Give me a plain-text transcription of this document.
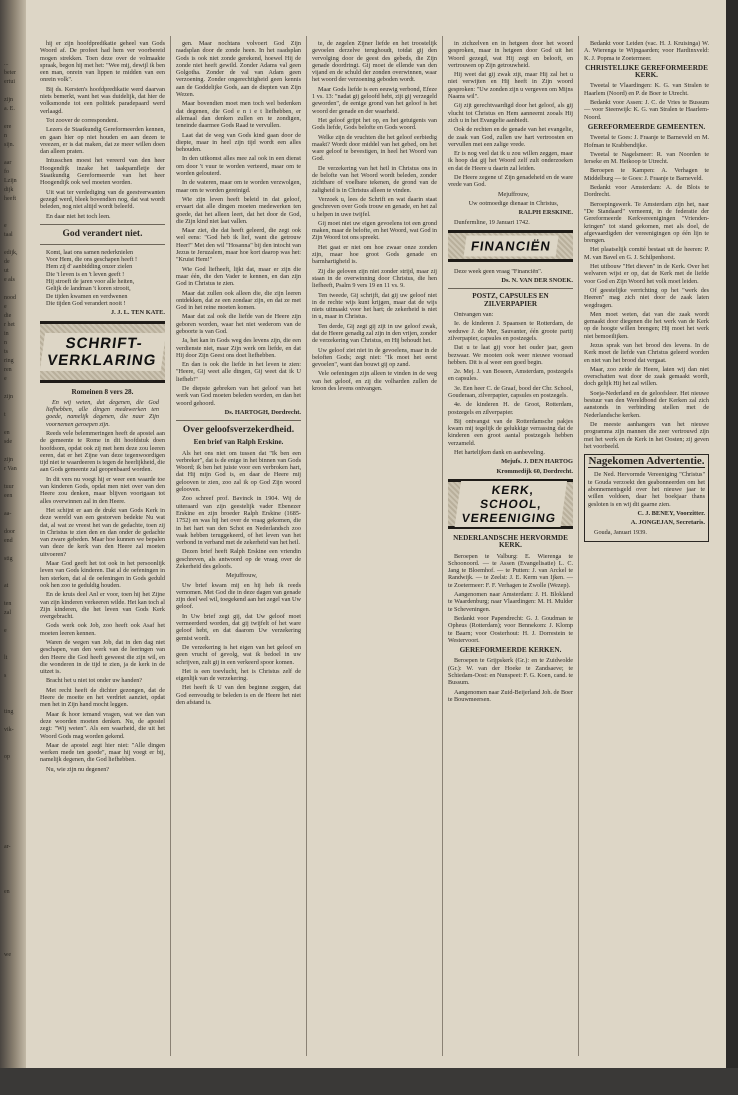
...
beter
ertui

zijn
a. E.

ere
n
sijn.

aar
fo
Lzijn
dijk
heeft

e
taal

edijk,
de
ut
e als

nood
e
die
r het
in
n
ts
ring
ren
e

zijn

t

en
sde

zijn
r Van

tuur
een

aa-

door
end

stig

at

ten
zal

e

lt

s

ting

vik-

op

ar-

en

we

hij er zijn hoofdpredikatie geheel van Gods Woord af. De profeet had hem ver voorbereid mogen strekken. Toen deze over de volmaakte spraak, begon hij met het: "Wee mij, dewijl ik ben een man, onrein van lippen te midden van een onrein volk".

Bij ds. Kersten's hoofdpredikatie werd daarvan niets bemerkt, want het was duidelijk, dat hier de volksmonde tot een politiek paradepaard werd verlaagd.

Tot zoover de correspondent.

Lezers de Staatkundig Gereformeerden kennen, en gaan hier op niet houden en aan dezen te vreezen, er is dat maken, dat ze meer willen doen dan alleen praten.

Intusschen moest het vereerd van den heer Hoogendijk inzake het taakpamfletje der Staatkundig Gereformeerde van het heer Hoogendijk ook wel moeten worden.

Uit wat ter verdediging van de geestverwanten gezegd werd, bleek bovendien nog, dat wat wordt beleden, nog niet altijd wordt beleefd.

En daar niet het toch leen.

God verandert niet.
Komt, laat ons samen nederknielen
Voor Hem, die ons geschapen heeft !
Hem zij d' aanbidding onzer zielen
Die 't leven is en 't leven geeft !
Hij stroeft de jaren voor alle heiten,
Gelijk de landman 't koren strooit,
De tijden kwamen en verdwenen
Die tijden God verandert nooit !
J. J. L. TEN KATE.
SCHRIFT-
VERKLARING
Romeinen 8 vers 28.

En wij weten, dat degenen, die God liefhebben, alle dingen medewerken ten goede, namelijk degenen, die naar Zijn voornemen geroepen zijn.

Reeds vele belemmeringen heeft de apostel aan de gemeente te Rome in dit hoofdstuk doen hoofdsom, opdat ook zij met hem deze zou leeren eeren, dat er het Zijne van deze tegenwoordigen tijd niet te waardeeren is tegen de heerlijkheid, die aan Gods gemeente zal geopenbaard worden.

In dit vers nu voegt hij er weer een waarde toe van kinderen Gods, opdat men niet over van den Heere zou denken, maar blijven voortgaan tot alles overwinnen zal in den Heere.

Het schijnt er aan de drukt van Gods Kerk in deze wereld van een gestorven bedekte Nu wat dat, al wat ze vreest het van de gedachte, toen zij in Christus te zien den en dan onder de gedachte van zware gebeden. Maar hoe kunnen we bepalen van deze de kerk van den Heere zal moeten uitvoeren?

Maar God geeft het tot ook in het persoonlijk leven van Gods kinderen. Dat al de oefeningen in hen sterken, dat al de oefeningen in Gods geduld ook hen zoo te geduldig houden.

En de kruis deel Anl er voor, toen hij het Zijne van zijn kinderen verkeeren wilde. Het kan toch al Zijn kinderen, die het leven van Gods Kerk overgebracht.

Gods werk ook Job, zoo heeft ook Asaf het moeten leeren kennen.

Waren de wegen van Job, dat in den dag niet geschapen, van den werk van de leeringen van den Heere die God heeft geweest die zijn wil, en die wonderen in de tijd te zien, ja de kerk in de uitzet is.

Bracht het u niet tot onder uw handen?

Met recht heeft de dichter gezongen, dat de Heere de moeite en het verdriet aanziet, opdat men het in Zijn hand mocht leggen.

Maar ik hoor iemand vragen, wat we dan van deze woorden moeten denken. Nu, de apostel zegt: "Wij weten". Als een waarheid, die uit het Woord Gods mag worden gekend.

Maar de apostel zegt hier niet: "Alle dingen werken mede ten goede", maar hij voegt er bij, namelijk degenen, die God liefhebben.

Nu, wie zijn nu degenen?

gen. Maar nochtans volvoert God Zijn raadsplan door de zonde heen. In het raadsplan Gods is ook niet zonde gerekend, hoewel Hij de zonde niet heeft gewild. Zonder Adams val geen Golgotha. Zonder de val van Adam geen verzoening. Zonder ongerechtigheid geen kennis aan de Goddelijke Gods, aan de diepten van Zijn Wezen.

Maar bovendien moet men toch wel bedenken dat degenen, die God e n i e t liefhebben, er allemaal dan denken zullen en te zondigen, teneinde daarmee Gods Raad te vervullen.

Laat dat de weg van Gods kind gaan door de diepte, maar in heel zijn tijd wordt een alles behouden.

In den uitkomst alles mee zal ook in een dienst om door 't vuur te worden verteerd, maar om te worden gelouterd.

In de wateren, maar om te worden verzwolgen, maar om te worden gereinigd.

Wie zijn leven heeft beleid in dat geloof, ervaart dat alle dingen moeten medewerken ten goede, dat het alleen leert, dat het door de God, die Zijn kind niet laat vallen.

Maar ziet, die dat heeft geleerd, die zegt ook wel eens: "God heb ik lief, want die getrouw Heer!" Met den wil "Hosanna" bij den intocht van Jezus te Jeruzalem, maar hoe kort daarop was het: "Kruist Hem!"

Wie God liefheeft, lijkt dat, maar er zijn die maar één, die den Vader te kennen, en dan zijn God in Christus te zien.

Maar dat zullen ook alleen die, die zijn leeren ontdekken, dat ze een zondaar zijn, en dat ze met God in het reine moeten komen.

Maar dat zal ook die liefde van de Heere zijn geboren worden, waar het niet wederom van de geboorte is van God.

Ja, het kan in Gods weg des levens zijn, die een verdienste niet, maar Zijn werk om liefde, en dat Hij door Zijn Geest ons doet liefhebben.

En dan is ook die liefde in het leven te zien: "Heere, Gij weet alle dingen, Gij weet dat ik U liefheb!"

De diepste gebreken van het geloof van het werk van God moeten beleden worden, en dan het woord gehoord.

Ds. HARTOGH, Dordrecht.
Over geloofsverzekerdheid.
Een brief van Ralph Erskine.

Als het ons niet om tussen dat "Ik ben een verbreker", dat is de enige in het binnen van Gods Woord; ik ben het juiste voor een verbroken hart, dat Hij mijn God is, en daar de Heere mij gelooven te zien, zoo zal ik op God Zijn woord gelooven.

Zoo schreef prof. Bavinck in 1904. Wij de uiteraard van zijn geestelijk vader Ebenezer Erskine en zijn broeder Ralph Erskine (1685-1752) en was hij het over de vraag gekomen, die in het hart van den Schot en Nederlandsch zoo vaak hebben teruggekeerd, of het leven van het verbond in verband met de zekerheid van het heil.

Dezen brief heeft Ralph Erskine een vriendin geschreven, als antwoord op de vraag over de Zekerheid des geloofs.

Mejuffrouw,

Uw brief kwam mij en hij heb ik reeds vernomen. Met God die in deze dagen van genade zijn deel wel wil, toegekend aan het zegel van Uw geloof.

In Uw brief zegt gij, dat Uw geloof moet vermeerderd worden, dat gij twijfelt of het ware geloof hebt, en dat daarom Uw verzekering gemist wordt.

De verzekering is het eigen van het geloof en geen vrucht of gevolg, wat ik bedoel in uw schrijven, zult gij in een verkeerd spoor komen.

Het is een toevlucht, het is Christus zelf de eigenlijk van de verzekering.

Het heeft ik U van den beginne zeggen, dat God eenvoudig te beleden is en de Heere het niet den afstand is.

te, de zegelen Zijner liefde en het troostelijk gevoelen derzelve terughoudt, totdat gij den vervolging door de geest des gebeds, die Zijn genade doordringt. Gij moet de ellende van den vijand en de schuld der zonden overwinnen, waar het woord der verzoening geboden wordt.

Maar Gods liefde is een eeuwig verbond, Efeze 1 vs. 13: "nadat gij geloofd hebt, zijt gij verzegeld geworden", de eenige grond van het geloof is het woord der genade en der waarheid.

Het geloof grijpt het op, en het getuigenis van Gods liefde, Gods belofte en Gods woord.

Welke zijn de vruchten die het geloof eerbiedig maakt? Wordt door middel van het gebed, om het ware geloof te bevestigen, in heel het Woord van God.

De verzekering van het heil in Christus ons in de belofte van het Woord wordt beleden, zonder zichtbare of voelbare tekenen, de grond van de zaligheid is in Christus alleen te vinden.

Verzoek u, lees de Schrift en wat daarin staat geschreven over Gods trouw en genade, en het zal u helpen in uwe twijfel.

Gij moet niet uw eigen gevoelens tot een grond maken, maar de belofte, en het Woord, wat God in Zijn Woord tot ons spreekt.

Het gaat er niet om hoe zwaar onze zonden zijn, maar hoe groot Gods genade en barmhartigheid is.

Zij die geloven zijn niet zonder strijd, maar zij staan in de overwinning door Christus, die hen liefheeft, Psalm 9 vers 19 en 11 vs. 9.

Ten tweede, Gij schrijft, dat gij uw geloof niet in de rechte wijs kunt krijgen, maar dat de wijs niets uitmaakt voor het hart; de zekerheid is niet in u, maar in Christus.

Ten derde, Gij zegt gij zijt in uw geloof zwak, dat de Heere genadig zal zijn in den vrijen, zonder de verzekering van Christus, en Hij behoudt het.

Uw geloof ziet niet in de gevoelens, maar in de beloften Gods; zegt niet: "Ik moet het eerst gevoelen", want dan bouwt gij op zand.

Vele oefeningen zijn alleen te vinden in de weg van het geloof, en zij die volharden zullen de kroon des levens ontvangen.

in zichzelven en in hetgeen door het woord gesproken, maar in hetgeen door God uit het Woord gezegd, wat Hij zegt en belooft, en vertrouwen op Zijn getrouwheid.

Hij weet dat gij zwak zijt, maar Hij zal het u niet verwijten en Hij heeft in Zijn woord gesproken: "Uw zonden zijn u vergeven om Mijns Naams wil".

Gij zijt gerechtvaardigd door het geloof, als gij vlucht tot Christus en Hem aanneemt zooals Hij zich u in het Evangelie aanbiedt.

Ook de rechten en de genade van het evangelie, de zaak van God, zullen uw hart vertroosten en vervullen met een zalige vrede.

Er is nog veel dat ik u zou willen zeggen, maar ik hoop dat gij het Woord zelf zult onderzoeken en dat de Heere u daarin zal leiden.

De Heere zegene u! Zijn genadeheid en de ware vrede van God.

Mejuffrouw,

Uw ootmoedige dienaar in Christus,

RALPH ERSKINE.

Dunfermline, 19 Januari 1742.

FINANCIËN

Deze week geen vraag "Financiën".

Ds. N. VAN DER SNOEK.
POSTZ, CAPSULES EN ZILVERPAPIER

Ontvangen van:

Ie. de kinderen J. Spaansen te Rotterdam, de weduwe J. de Mer, Sauvanter, één groote partij zilverpapier, capsules en postzegels.

Dat u te laat gij voor het ouder jaar, geen bezwaar. We mooten ook weer nieuwe vooraad hebben. Dit is al weer een goed begin.

2e. Mej. J. van Boseen, Amsterdam, postzegels en capsules.

3e. Een heer C. de Graaf, bood der Chr. School, Gouderaan, zilverpapier, capsules en postzegels.

4e. de kinderen H. de Groot, Rotterdam, postzegels en zilverpapier.

Bij ontvangst van de Rotterdamsche pakjes kwam mij tegelijk de gelukkige verrassing dat de kinderen een groot aantal postzegels hebben verzameld.

Het hartelijken dank en aanbeveling.

Mejufs. J. DEN HARTOG
Krommedijk 60, Dordrecht.
KERK, SCHOOL,
VEREENIGING
NEDERLANDSCHE HERVORMDE KERK.

Beroepen te Valburg: E. Wierenga te Schoonoord. — te Assen (Evangelisatie) L. C. Jang te Bloemhof. — te Putten: J. van Arckel te Randwijk. — te Zeelst: J. E. Kerm van Ijken. — te Zoetermeer: F. F. Verhagen te Zwolle (Wezep).

Aangenomen naar Amsterdam: J. H. Blokland te Waardenburg; naar Vlaardingen: M. H. Mulder te Scheveningen.

Bedankt voor Papendrecht: G. J. Goudman te Opheus (Rotterdam); voor Bennekom: J. Klomp te Baarn; voor Oosterhout: H. J. Dorrestein te Westervoort.

GEREFORMEERDE KERKEN.

Beroepen te Grijpskerk (Gr.): en te Zuidwolde (Gr.): W. van der Hoeke te Zandsaeve; te Schiedam-Oost: en Nunspeet: F. G. Koen, cand. te Bussum.

Aangenomen naar Zuid-Beijerland Joh. de Boer te Bouwmeersen.

Bedankt voor Leiden (vac. H. J. Kruisinga) W. A. Wierenga te Wijngaarden; voor Hardinxveld: K. J. Popma te Zoetermeer.

CHRISTELIJKE GEREFORMEERDE KERK.

Tweetal te Vlaardingen: K. G. van Stralen te Haarlem (Noord) en P. de Boer te Utrecht.

Bedankt voor Assen: J. C. de Vries te Bussum — voor Steenwijk: K. G. van Stralen te Haarlem-Noord.

GEREFORMEERDE GEMEENTEN.

Tweetal te Goes: J. Fraanje te Barneveld en M. Hofman te Krabbendijke.

Tweetal te Nagelsmeer: R. van Noorden te Ierseke en M. Heikoop te Utrecht.

Beroepen te Kampen: A. Verhagen te Middelburg — te Goes: J. Fraanje te Barneveld.

Bedankt voor Amsterdam: A. de Blois te Dordrecht.

Beroepingswerk. Te Amsterdam zijn het, naar "De Standaard" verneemt, in de federatie der Gereformeerde Kerkvereenigingen "Vrienden-kringen" tot stand gekomen, met als doel, de afgevaardigden der vereenigingen op één lijn te brengen.

Het plaatselijk comité bestaat uit de heeren: P. M. van Bavel en G. J. Schilpenhorst.

Het uitbouw "Het dieven" in de Kerk. Over het welvaren wijst er op, dat de Kerk met de liefde voor God en Zijn Woord het volk moet leiden.

Of geestelijke verrichting op het "werk des Heeren" mag zich niet door de zaak laten wegdragen.

Men moet weten, dat van die zaak wordt gemaakt door diegenen die het werk van de Kerk op de hoogte willen brengen; Hij moet het werk niet bemoeilijken.

Jezus sprak van het brood des levens. In de Kerk moet de liefde van Christus geleerd worden en niet van het brood dat vergaat.

Maar, zoo zeide de Heere, laten wij dan niet overschatten wat door de zaak gemaakt wordt, doch gelijk Hij het zal willen.

Soeja-Nederland en de geloofsleer. Het nieuwe bestuur van den Wereldbond der Kerken zal zich aanstonds in verbinding stellen met de Nederlandsche kerken.

De meeste aanhangers van het nieuwe programma zijn mannen die zeer vertrouwd zijn met het werk en de Kerk in het Oosten; zij geven het voorbeeld.

Nagekomen Advertentie.

De Ned. Hervormde Vereeniging "Christus" te Gouda verzoekt den geabonneerden om het abonnementsgeld over het nieuwe jaar te willen voldoen, daar het boekjaar thans gesloten is en wij dit gaarne zien.

C. J. BENEY, Voorzitter.
A. JONGEJAN, Secretaris.

Gouda, Januari 1939.
